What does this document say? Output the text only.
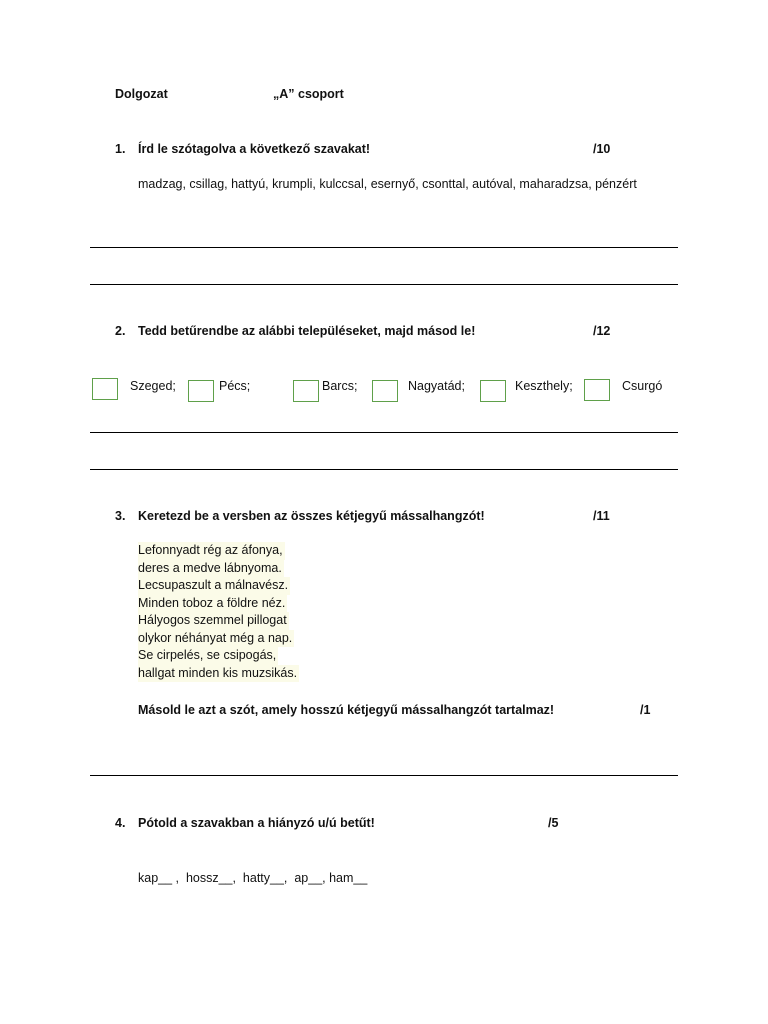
Dolgozat	„A” csoport
1. Írd le szótagolva a következő szavakat!	/10
madzag, csillag, hattyú, krumpli, kulccsal, esernyő, csonttal, autóval, maharadzsa, pénzért
2. Tedd betűrendbe az alábbi településeket, majd másod le!	/12
Szeged;	Pécs;	Barcs;	Nagyatád;	Keszthely;	Csurgó
3. Keretezd be a versben az összes kétjegyű mássalhangzót!	/11
Lefonnyadt rég az áfonya,
deres a medve lábnyoma.
Lecsupaszult a málnavész.
Minden toboz a földre néz.
Hályogos szemmel pillogat
olykor néhányat még a nap.
Se cirpelés, se csipogás,
hallgat minden kis muzsikás.
Másold le azt a szót, amely hosszú kétjegyű mássalhangzót tartalmaz!	/1
4. Pótold a szavakban a hiányzó u/ú betűt!	/5
kap__ ,  hossz__,  hatty__,  ap__, ham__
